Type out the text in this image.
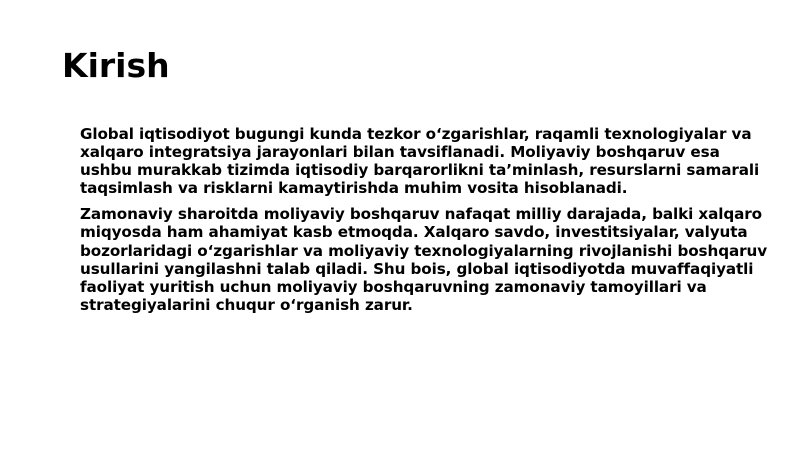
Kirish

Global iqtisodiyot bugungi kunda tezkor o‘zgarishlar, raqamli texnologiyalar va xalqaro integratsiya jarayonlari bilan tavsiflanadi. Moliyaviy boshqaruv esa ushbu murakkab tizimda iqtisodiy barqarorlikni ta’minlash, resurslarni samarali taqsimlash va risklarni kamaytirishda muhim vosita hisoblanadi.

Zamonaviy sharoitda moliyaviy boshqaruv nafaqat milliy darajada, balki xalqaro miqyosda ham ahamiyat kasb etmoqda. Xalqaro savdo, investitsiyalar, valyuta bozorlaridagi o‘zgarishlar va moliyaviy texnologiyalarning rivojlanishi boshqaruv usullarini yangilashni talab qiladi. Shu bois, global iqtisodiyotda muvaffaqiyatli faoliyat yuritish uchun moliyaviy boshqaruvning zamonaviy tamoyillari va strategiyalarini chuqur o‘rganish zarur.
